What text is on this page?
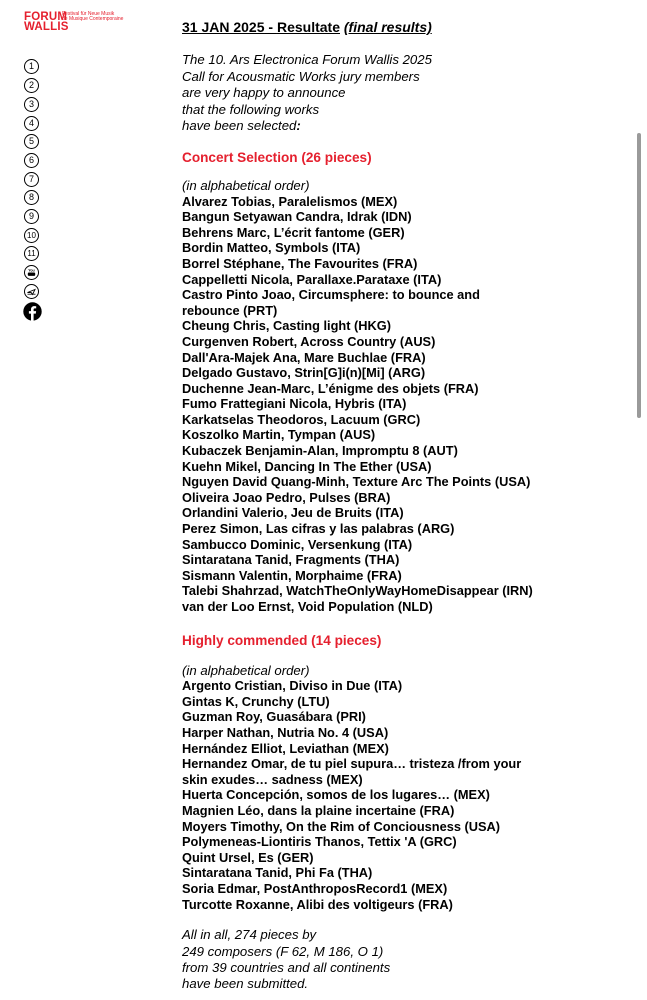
FORUM
WALLIS
Festival für Neue Musik
de Musique Contemporaine
1
2
3
4
5
6
7
8
9
10
11
You
31 JAN 2025 - Resultate (final results)
The 10. Ars Electronica Forum Wallis 2025
Call for Acousmatic Works jury members
are very happy to announce
that the following works
have been selected:
Concert Selection (26 pieces)
(in alphabetical order)
Alvarez Tobias, Paralelismos (MEX)
Bangun Setyawan Candra, Idrak (IDN)
Behrens Marc, L’écrit fantome (GER)
Bordin Matteo, Symbols (ITA)
Borrel Stéphane, The Favourites (FRA)
Cappelletti Nicola, Parallaxe.Parataxe (ITA)
Castro Pinto Joao, Circumsphere: to bounce and
rebounce (PRT)
Cheung Chris, Casting light (HKG)
Curgenven Robert, Across Country (AUS)
Dall'Ara-Majek Ana, Mare Buchlae (FRA)
Delgado Gustavo, Strin[G]i(n)[Mi] (ARG)
Duchenne Jean-Marc, L’énigme des objets (FRA)
Fumo Frattegiani Nicola, Hybris (ITA)
Karkatselas Theodoros, Lacuum (GRC)
Koszolko Martin, Tympan (AUS)
Kubaczek Benjamin-Alan, Impromptu 8 (AUT)
Kuehn Mikel, Dancing In The Ether (USA)
Nguyen David Quang-Minh, Texture Arc The Points (USA)
Oliveira Joao Pedro, Pulses (BRA)
Orlandini Valerio, Jeu de Bruits (ITA)
Perez Simon, Las cifras y las palabras (ARG)
Sambucco Dominic, Versenkung (ITA)
Sintaratana Tanid, Fragments (THA)
Sismann Valentin, Morphaime (FRA)
Talebi Shahrzad, WatchTheOnlyWayHomeDisappear (IRN)
van der Loo Ernst, Void Population (NLD)
Highly commended (14 pieces)
(in alphabetical order)
Argento Cristian, Diviso in Due (ITA)
Gintas K, Crunchy (LTU)
Guzman Roy, Guasábara (PRI)
Harper Nathan, Nutria No. 4 (USA)
Hernández Elliot, Leviathan (MEX)
Hernandez Omar, de tu piel supura… tristeza /from your
skin exudes… sadness (MEX)
Huerta Concepción, somos de los lugares… (MEX)
Magnien Léo, dans la plaine incertaine (FRA)
Moyers Timothy, On the Rim of Conciousness (USA)
Polymeneas-Liontiris Thanos, Tettix 'A (GRC)
Quint Ursel, Es (GER)
Sintaratana Tanid, Phi Fa (THA)
Soria Edmar, PostAnthroposRecord1 (MEX)
Turcotte Roxanne, Alibi des voltigeurs (FRA)
All in all, 274 pieces by
249 composers (F 62, M 186, O 1)
from 39 countries and all continents
have been submitted.
